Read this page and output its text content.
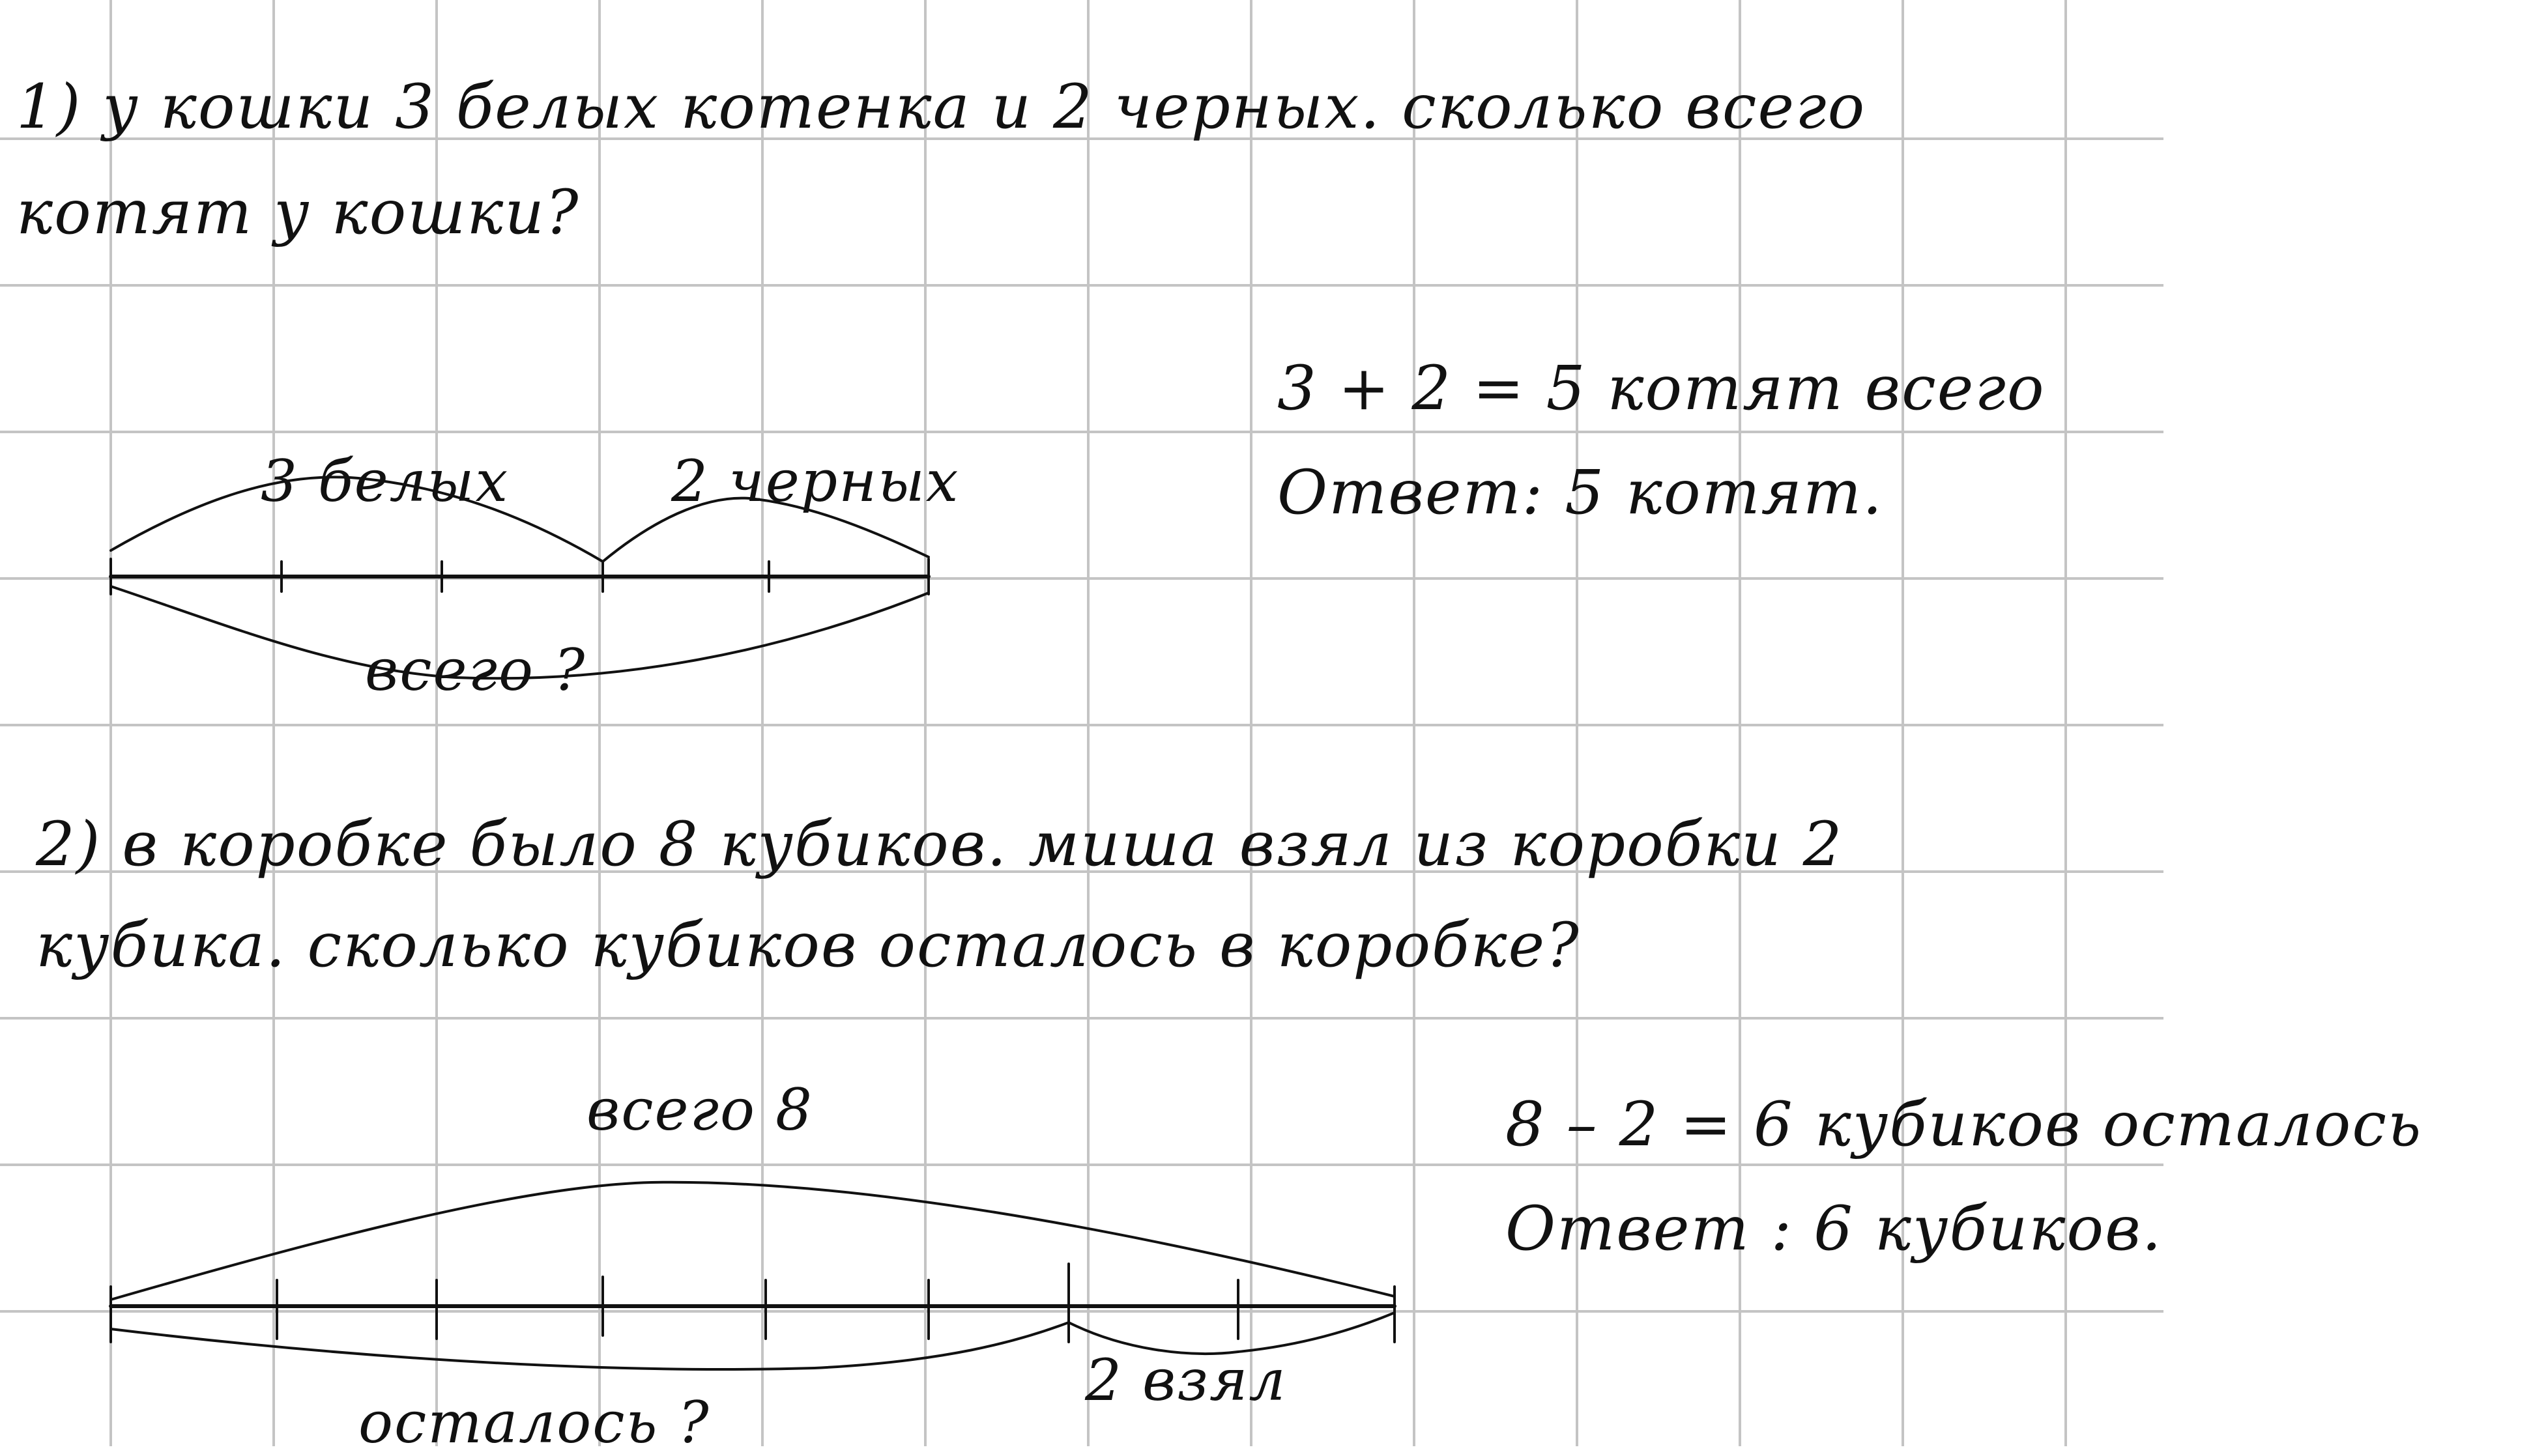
1) у кошки 3 белых котенка и 2 черных. сколько всего
котят у кошки?
3 белых	2 черных
всего ?
3 + 2 = 5 котят всего
Ответ: 5 котят.
2) в коробке было 8 кубиков. миша взял из коробки 2
кубика. сколько кубиков осталось в коробке?
всего 8
2 взял
осталось ?
8 – 2 = 6 кубиков осталось
Ответ : 6 кубиков.
